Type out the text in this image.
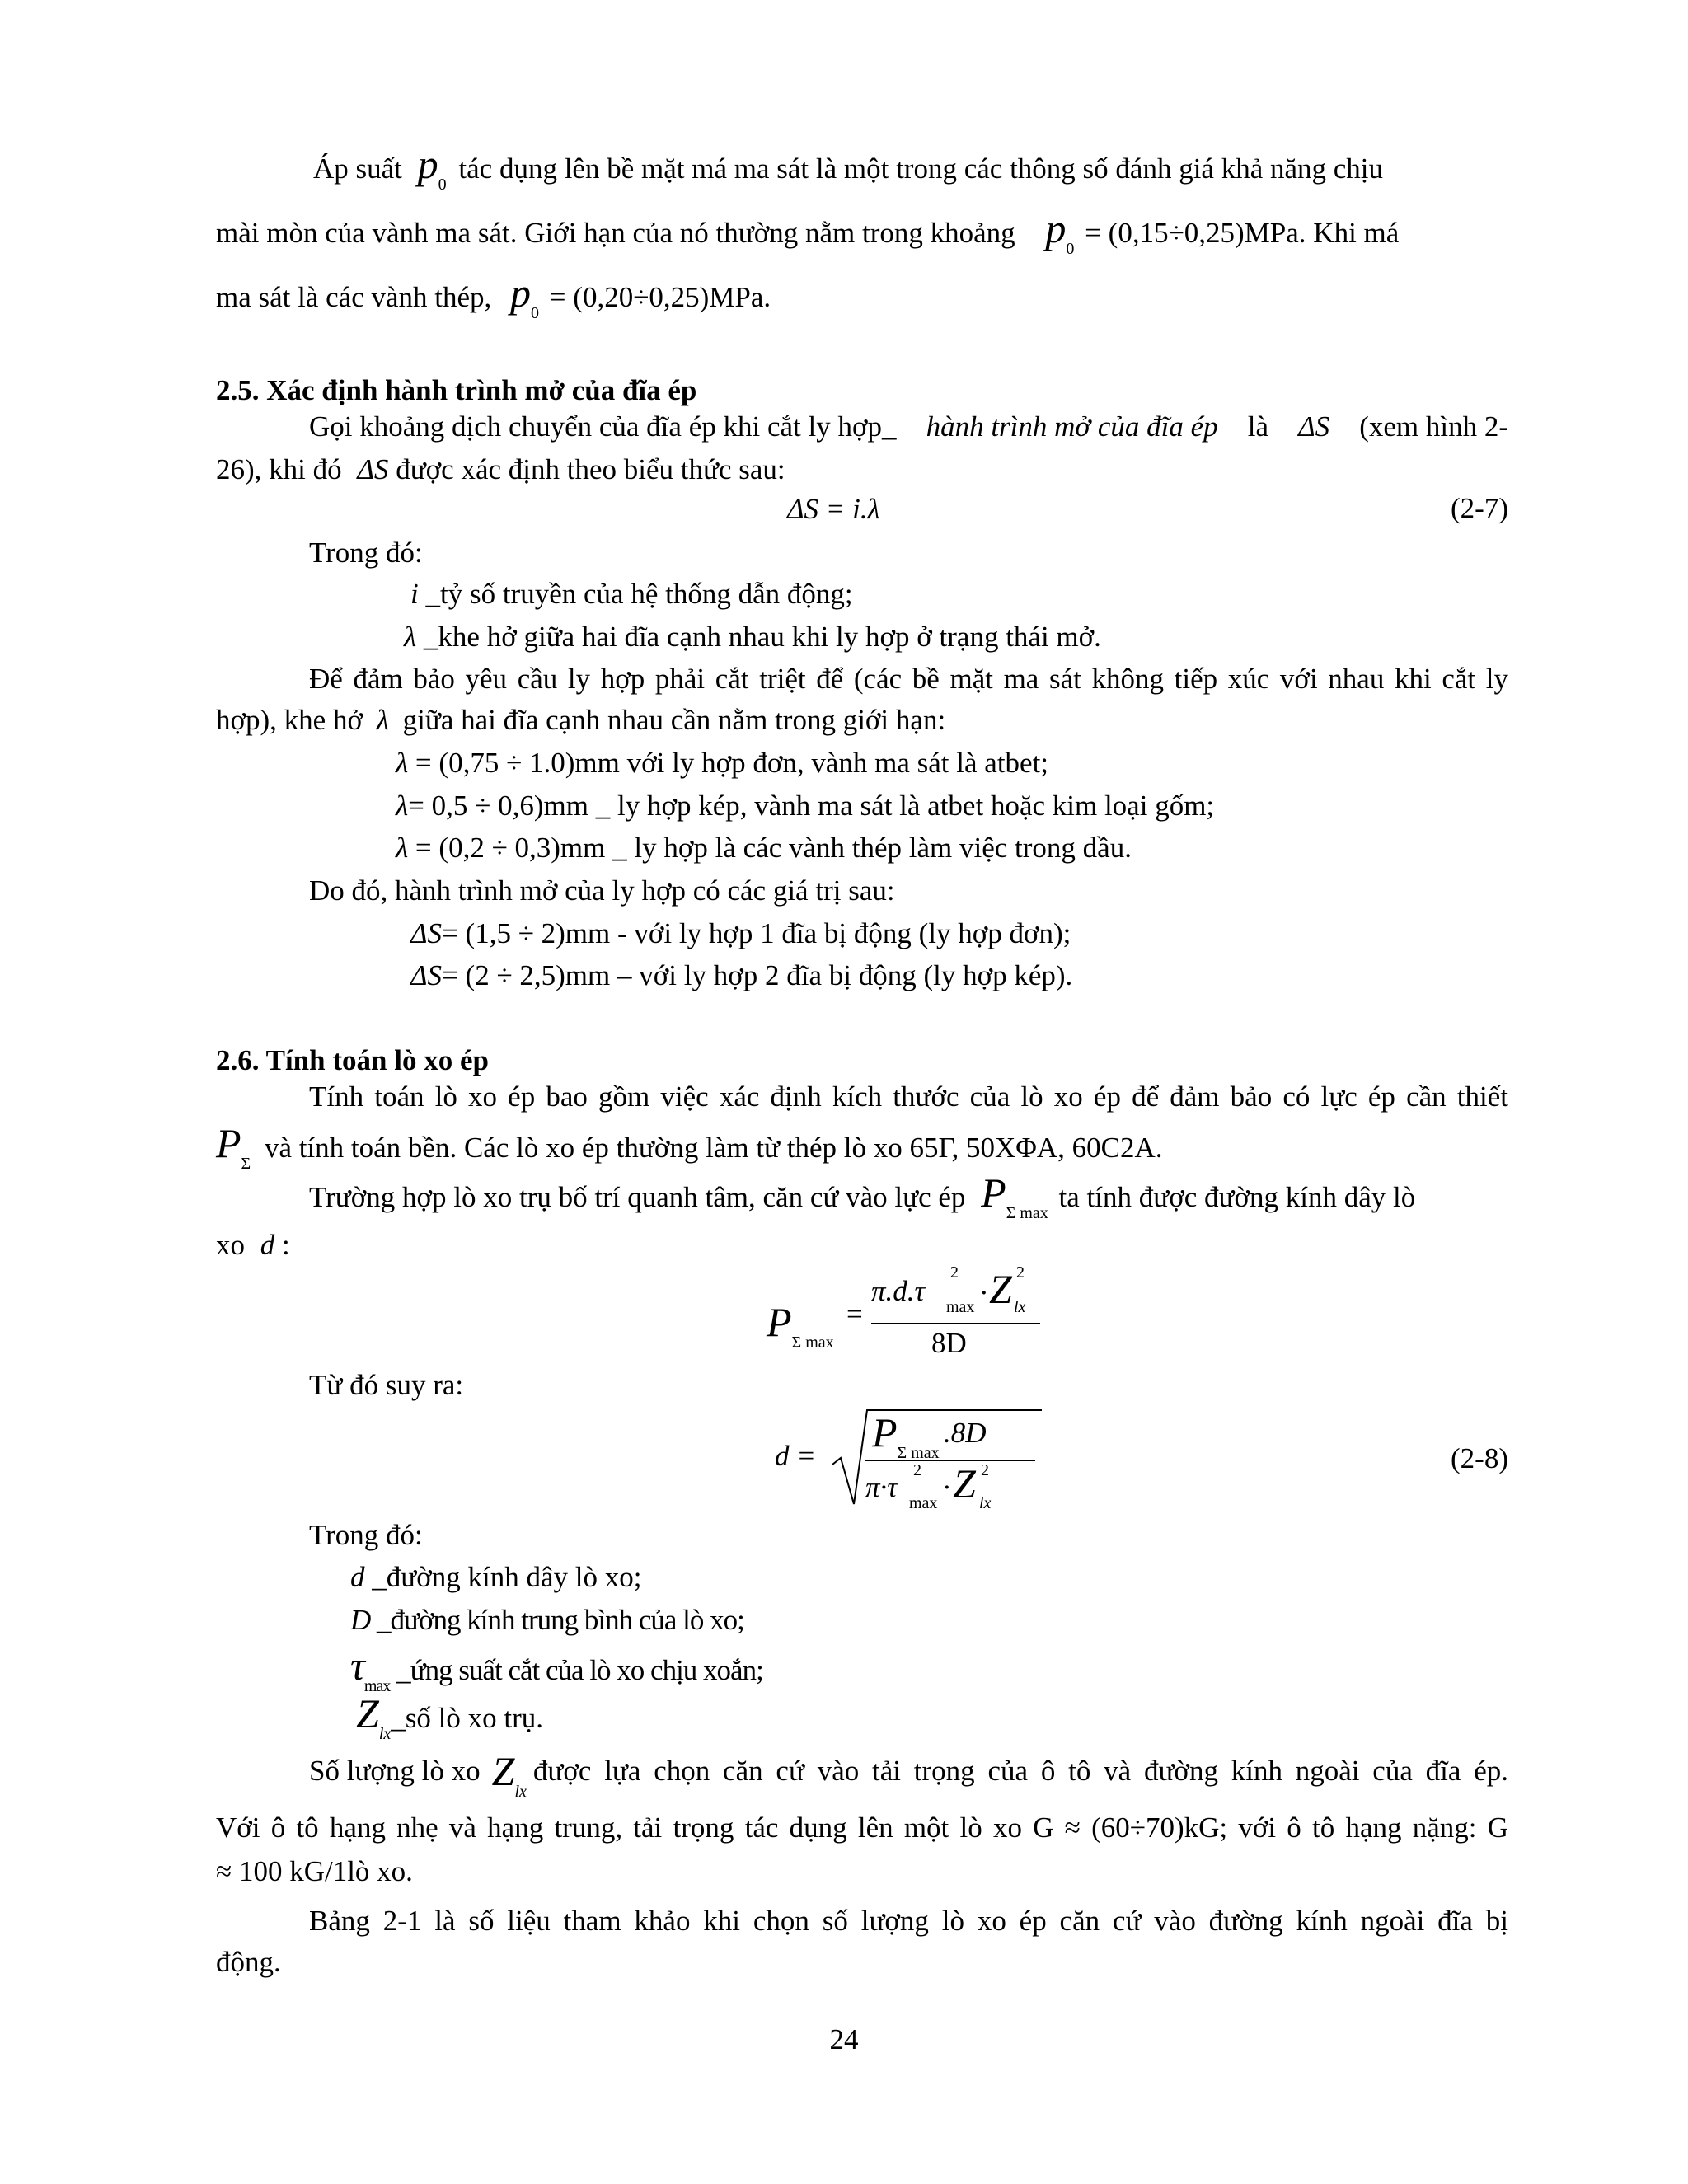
Áp suất $p_0$ tác dụng lên bề mặt má ma sát là một trong các thông số đánh giá khả năng chịu
mài mòn của vành ma sát. Giới hạn của nó thường nằm trong khoảng $p_0 = (0,15\div 0,25)MPa$. Khi má
ma sát là các vành thép, $p_0 = (0,20\div 0,25)MPa$.
2.5. Xác định hành trình mở của đĩa ép
Gọi khoảng dịch chuyển của đĩa ép khi cắt ly hợp_ hành trình mở của đĩa ép là ΔS (xem hình 2-
26), khi đó ΔS được xác định theo biểu thức sau:
ΔS = i.λ	(2-7)
Trong đó:
i _tỷ số truyền của hệ thống dẫn động;
λ _khe hở giữa hai đĩa cạnh nhau khi ly hợp ở trạng thái mở.
Để đảm bảo yêu cầu ly hợp phải cắt triệt để (các bề mặt ma sát không tiếp xúc với nhau khi cắt ly
hợp), khe hở λ giữa hai đĩa cạnh nhau cần nằm trong giới hạn:
λ = (0,75 ÷ 1.0)mm với ly hợp đơn, vành ma sát là atbet;
λ= 0,5 ÷ 0,6)mm _ ly hợp kép, vành ma sát là atbet hoặc kim loại gốm;
λ = (0,2 ÷ 0,3)mm _ ly hợp là các vành thép làm việc trong dầu.
Do đó, hành trình mở của ly hợp có các giá trị sau:
ΔS= (1,5 ÷ 2)mm - với ly hợp 1 đĩa bị động (ly hợp đơn);
ΔS= (2 ÷ 2,5)mm – với ly hợp 2 đĩa bị động (ly hợp kép).
2.6. Tính toán lò xo ép
Tính toán lò xo ép bao gồm việc xác định kích thước của lò xo ép để đảm bảo có lực ép cần thiết
$P_\Sigma$ và tính toán bền. Các lò xo ép thường làm từ thép lò xo 65Γ, 50XΦA, 60C2A.
Trường hợp lò xo trụ bố trí quanh tâm, căn cứ vào lực ép $P_{\Sigma max}$ ta tính được đường kính dây lò
xo d :
$P_{\Sigma max}$
=
π.d.τ
2
max · Z 2
lx
8D
Từ đó suy ra:
d =
$P_{\Sigma max}$
.8D
π·τ
2
max · Z 2
lx
(2-8)
Trong đó:
d _đường kính dây lò xo;
D _đường kính trung bình của lò xo;
$\tau_{max}$ _ứng suất cắt của lò xo chịu xoắn;
$Z_{lx}\_số$ lò xo trụ.
Số lượng lò xo $Z_{lx}$
được lựa chọn căn cứ vào tải trọng của ô tô và đường kính ngoài của đĩa ép.
Với ô tô hạng nhẹ và hạng trung, tải trọng tác dụng lên một lò xo G ≈ (60÷70)kG; với ô tô hạng nặng: G
≈ 100 kG/1lò xo.
Bảng 2-1 là số liệu tham khảo khi chọn số lượng lò xo ép căn cứ vào đường kính ngoài đĩa bị
động.
24
